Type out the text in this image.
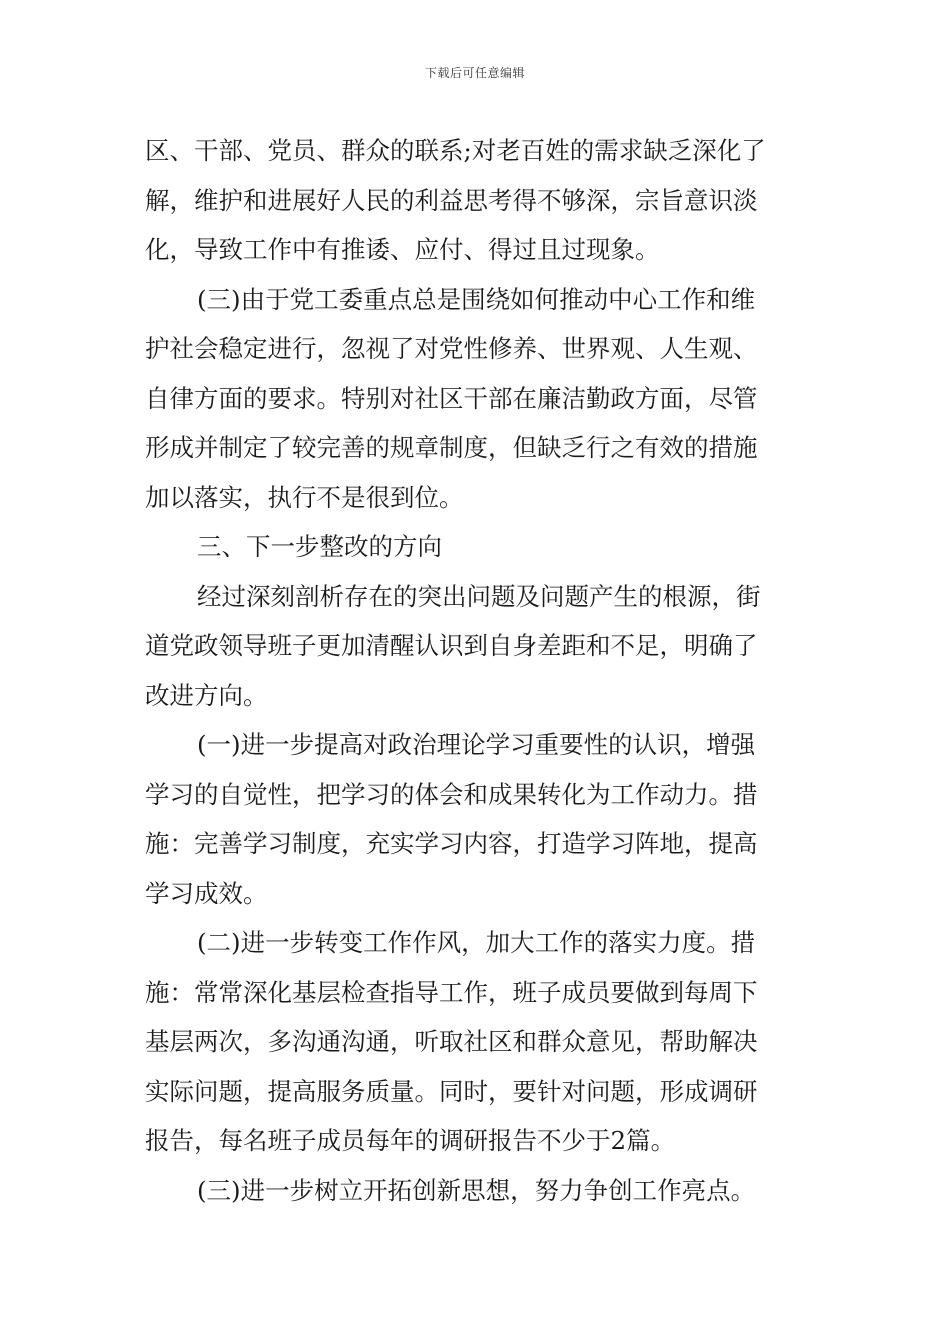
下载后可任意编辑
区、干部、党员、群众的联系;对老百姓的需求缺乏深化了
解，维护和进展好人民的利益思考得不够深，宗旨意识淡
化，导致工作中有推诿、应付、得过且过现象。
(三)由于党工委重点总是围绕如何推动中心工作和维
护社会稳定进行，忽视了对党性修养、世界观、人生观、
自律方面的要求。特别对社区干部在廉洁勤政方面，尽管
形成并制定了较完善的规章制度，但缺乏行之有效的措施
加以落实，执行不是很到位。
三、下一步整改的方向
经过深刻剖析存在的突出问题及问题产生的根源，街
道党政领导班子更加清醒认识到自身差距和不足，明确了
改进方向。
(一)进一步提高对政治理论学习重要性的认识，增强
学习的自觉性，把学习的体会和成果转化为工作动力。措
施：完善学习制度，充实学习内容，打造学习阵地，提高
学习成效。
(二)进一步转变工作作风，加大工作的落实力度。措
施：常常深化基层检查指导工作，班子成员要做到每周下
基层两次，多沟通沟通，听取社区和群众意见，帮助解决
实际问题，提高服务质量。同时，要针对问题，形成调研
报告，每名班子成员每年的调研报告不少于2篇。
(三)进一步树立开拓创新思想，努力争创工作亮点。
